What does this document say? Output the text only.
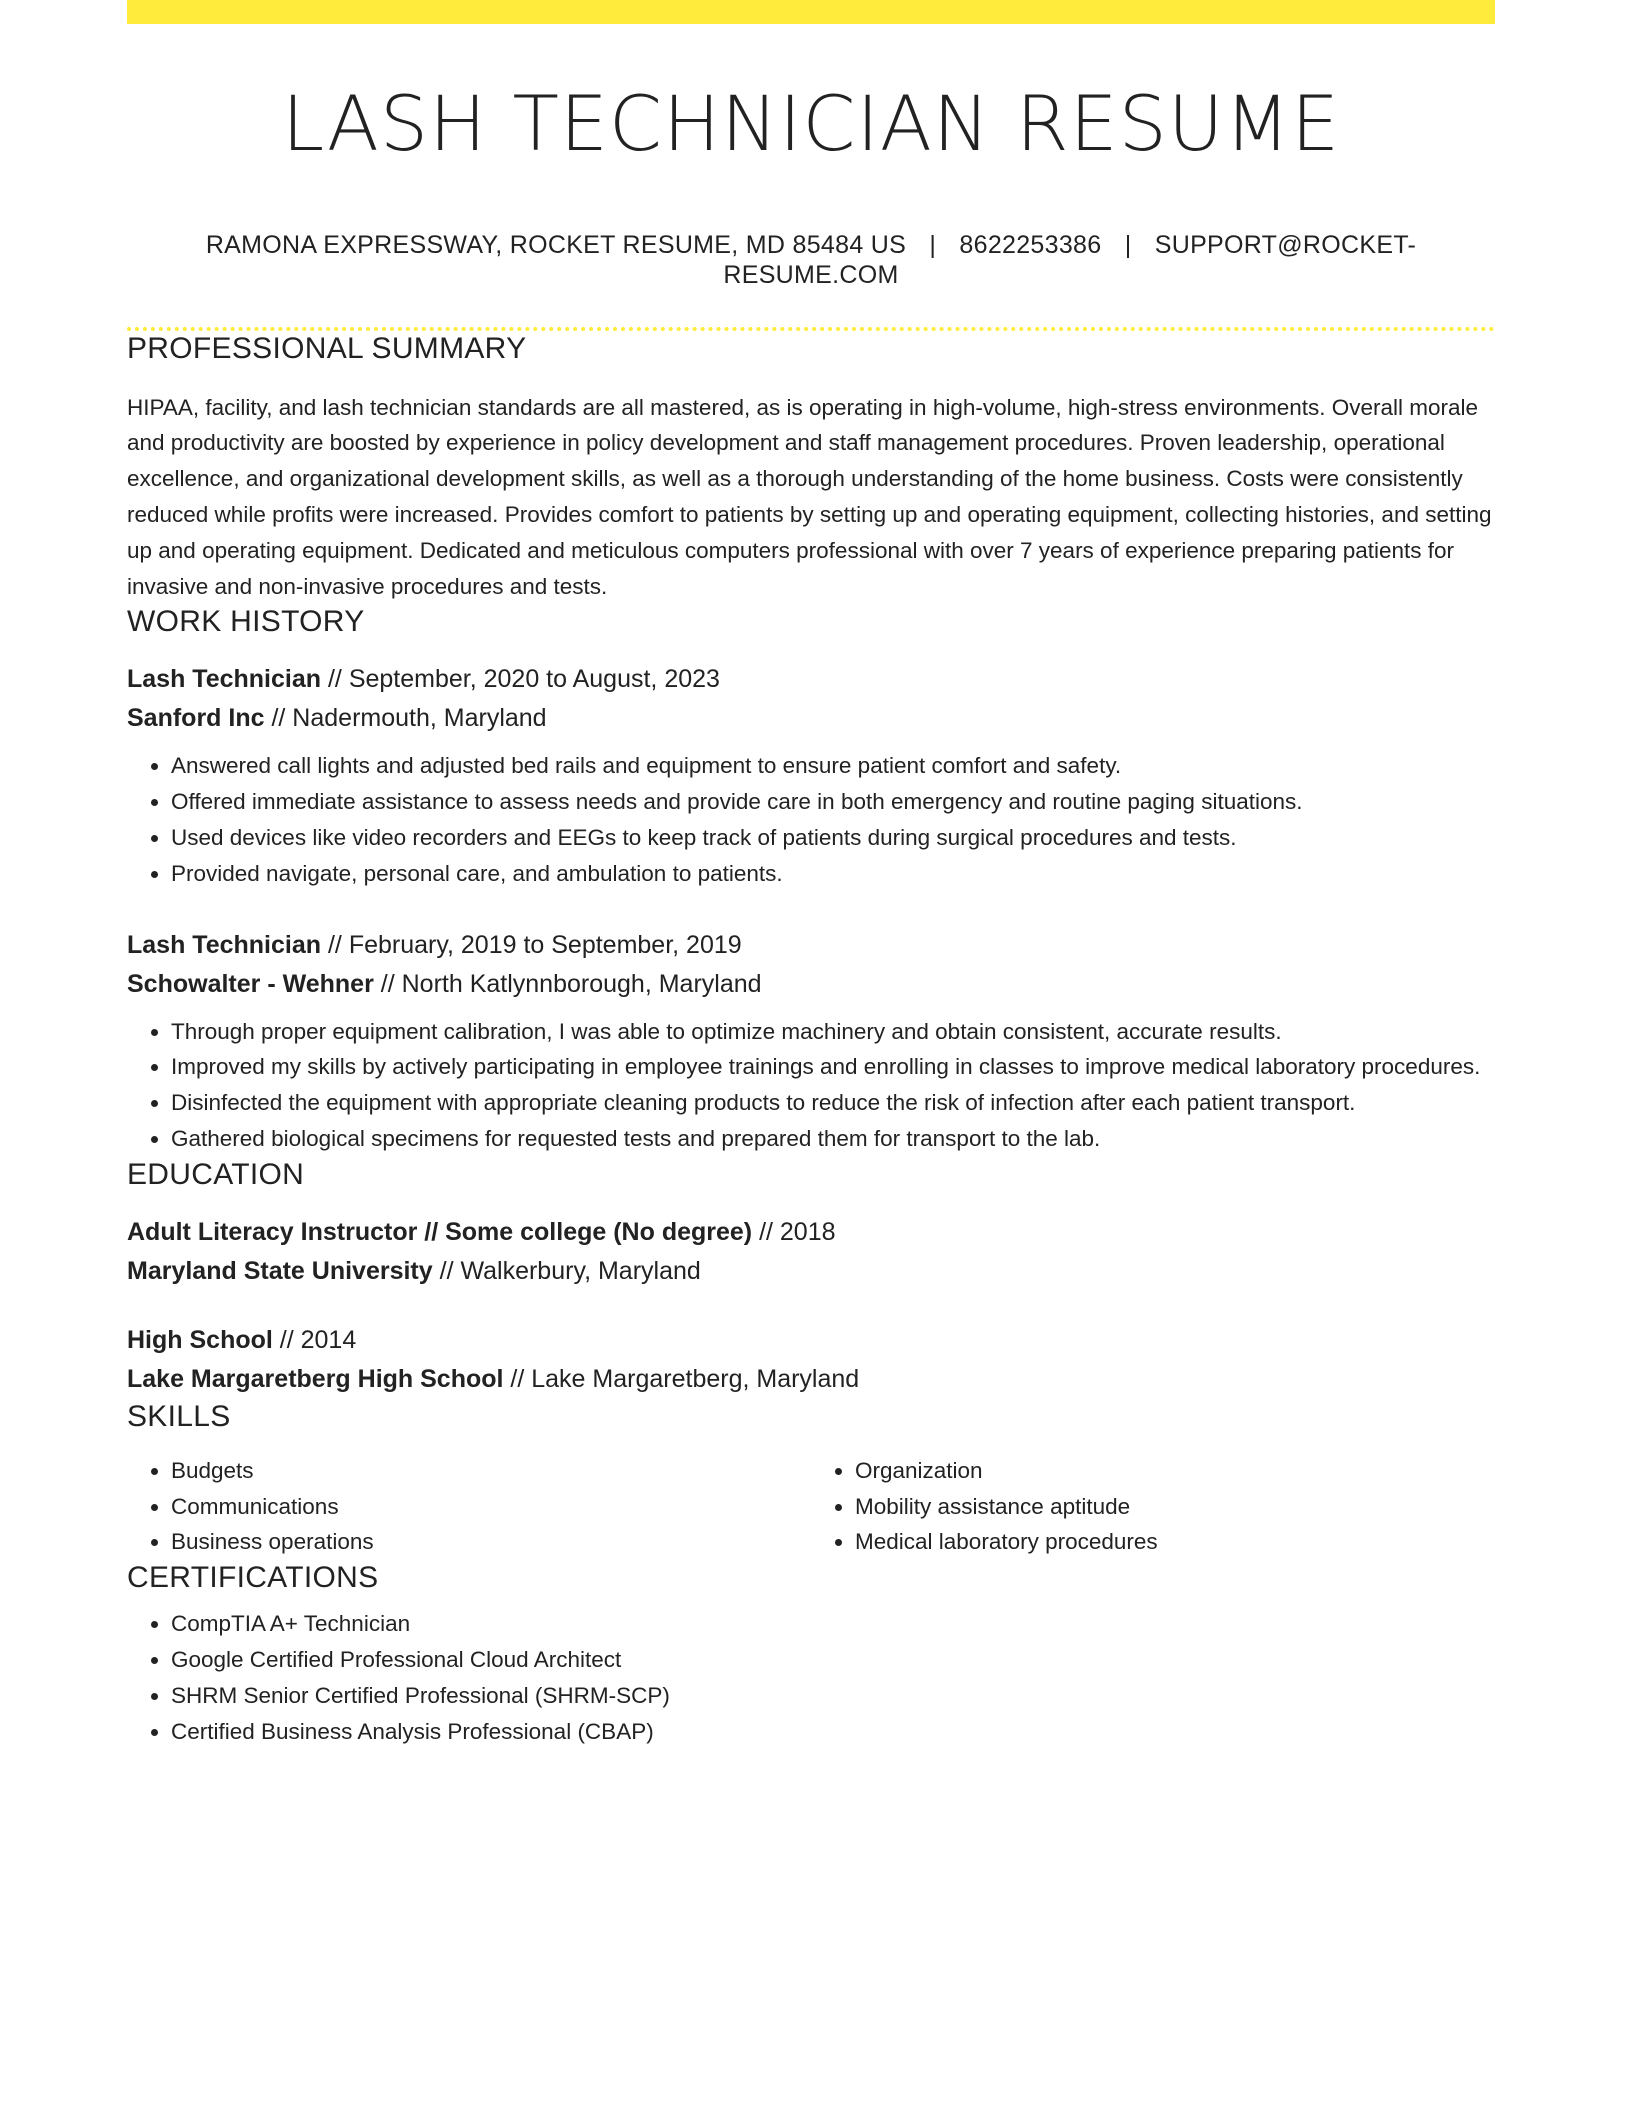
LASH TECHNICIAN RESUME
RAMONA EXPRESSWAY, ROCKET RESUME, MD 85484 US | 8622253386 | SUPPORT@ROCKET-RESUME.COM
PROFESSIONAL SUMMARY
HIPAA, facility, and lash technician standards are all mastered, as is operating in high-volume, high-stress environments. Overall morale and productivity are boosted by experience in policy development and staff management procedures. Proven leadership, operational excellence, and organizational development skills, as well as a thorough understanding of the home business. Costs were consistently reduced while profits were increased. Provides comfort to patients by setting up and operating equipment, collecting histories, and setting up and operating equipment. Dedicated and meticulous computers professional with over 7 years of experience preparing patients for invasive and non-invasive procedures and tests.
WORK HISTORY
Lash Technician // September, 2020 to August, 2023
Sanford Inc // Nadermouth, Maryland
• Answered call lights and adjusted bed rails and equipment to ensure patient comfort and safety.
• Offered immediate assistance to assess needs and provide care in both emergency and routine paging situations.
• Used devices like video recorders and EEGs to keep track of patients during surgical procedures and tests.
• Provided navigate, personal care, and ambulation to patients.
Lash Technician // February, 2019 to September, 2019
Schowalter - Wehner // North Katlynnborough, Maryland
• Through proper equipment calibration, I was able to optimize machinery and obtain consistent, accurate results.
• Improved my skills by actively participating in employee trainings and enrolling in classes to improve medical laboratory procedures.
• Disinfected the equipment with appropriate cleaning products to reduce the risk of infection after each patient transport.
• Gathered biological specimens for requested tests and prepared them for transport to the lab.
EDUCATION
Adult Literacy Instructor // Some college (No degree) // 2018
Maryland State University // Walkerbury, Maryland
High School // 2014
Lake Margaretberg High School // Lake Margaretberg, Maryland
SKILLS
• Budgets
• Communications
• Business operations
• Organization
• Mobility assistance aptitude
• Medical laboratory procedures
CERTIFICATIONS
• CompTIA A+ Technician
• Google Certified Professional Cloud Architect
• SHRM Senior Certified Professional (SHRM-SCP)
• Certified Business Analysis Professional (CBAP)
